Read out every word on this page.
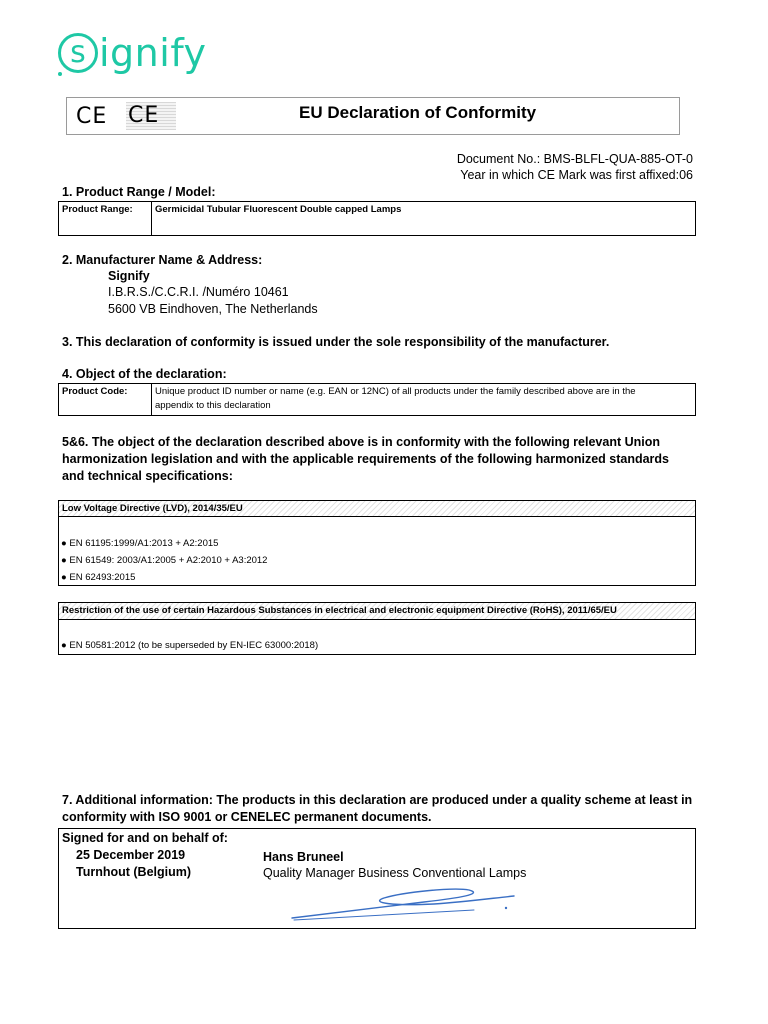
s ignify
CE CE	EU Declaration of Conformity
Document No.: BMS-BLFL-QUA-885-OT-0
Year in which CE Mark was first affixed:06
1. Product Range / Model:
Product Range: Germicidal Tubular Fluorescent Double capped Lamps
2. Manufacturer Name & Address:
Signify
I.B.R.S./C.C.R.I. /Numéro 10461
5600 VB Eindhoven, The Netherlands
3. This declaration of conformity is issued under the sole responsibility of the manufacturer.
4. Object of the declaration:
Product Code:	Unique product ID number or name (e.g. EAN or 12NC) of all products under the family described above are in the
appendix to this declaration
5&6. The object of the declaration described above is in conformity with the following relevant Union
harmonization legislation and with the applicable requirements of the following harmonized standards
and technical specifications:
Low Voltage Directive (LVD), 2014/35/EU
● EN 61195:1999/A1:2013 + A2:2015
● EN 61549: 2003/A1:2005 + A2:2010 + A3:2012
● EN 62493:2015
Restriction of the use of certain Hazardous Substances in electrical and electronic equipment Directive (RoHS), 2011/65/EU
● EN 50581:2012 (to be superseded by EN-IEC 63000:2018)
7. Additional information: The products in this declaration are produced under a quality scheme at least in
conformity with ISO 9001 or CENELEC permanent documents.
Signed for and on behalf of:
25 December 2019
Turnhout (Belgium)
Hans Bruneel
Quality Manager Business Conventional Lamps
